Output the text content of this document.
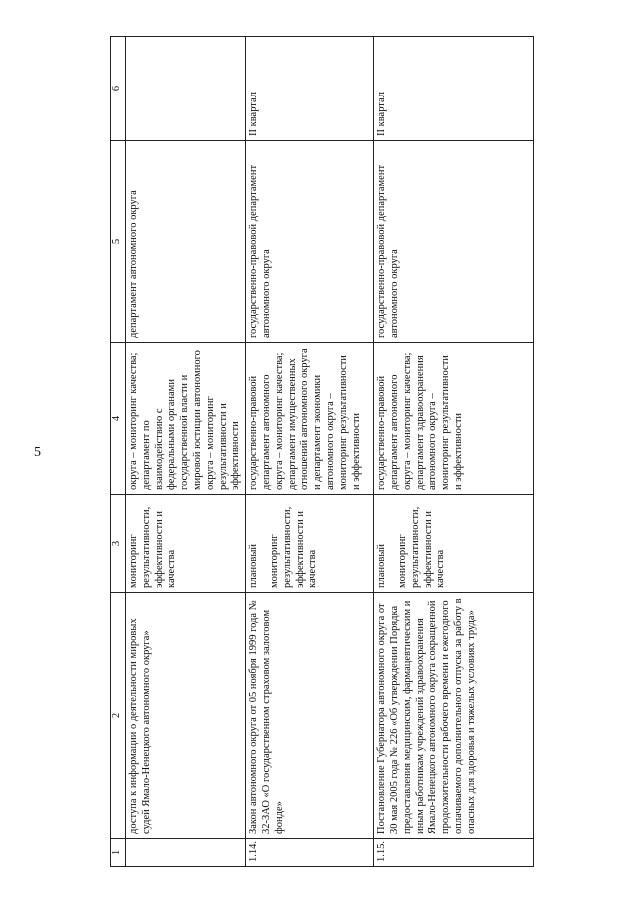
5
1	2	3	4	5	6
	доступа к информации о деятельности мировых судей Ямало-Ненецкого автономного округа»	мониторинг результативности, эффективности и качества	округа – мониторинг качества; департамент по взаимодействию с федеральными органами государственной власти и мировой юстиции автономного округа – мониторинг результативности и эффективности	департамент автономного округа	
1.14.	Закон автономного округа от 05 ноября 1999 года № 32-ЗАО «О государственном страховом залоговом фонде»	плановый мониторинг результативности, эффективности и качества	государственно-правовой департамент автономного округа – мониторинг качества; департамент имущественных отношений автономного округа и департамент экономики автономного округа – мониторинг результативности и эффективности	государственно-правовой департамент автономного округа	II квартал
1.15.	Постановление Губернатора автономного округа от 30 мая 2005 года № 226 «Об утверждении Порядка предоставления медицинским, фармацевтическим и иным работникам учреждений здравоохранения Ямало-Ненецкого автономного округа сокращенной продолжительности рабочего времени и ежегодного оплачиваемого дополнительного отпуска за работу в опасных для здоровья и тяжелых условиях труда»	плановый мониторинг результативности, эффективности и качества	государственно-правовой департамент автономного округа – мониторинг качества; департамент здравоохранения автономного округа – мониторинг результативности и эффективности	государственно-правовой департамент автономного округа	II квартал
